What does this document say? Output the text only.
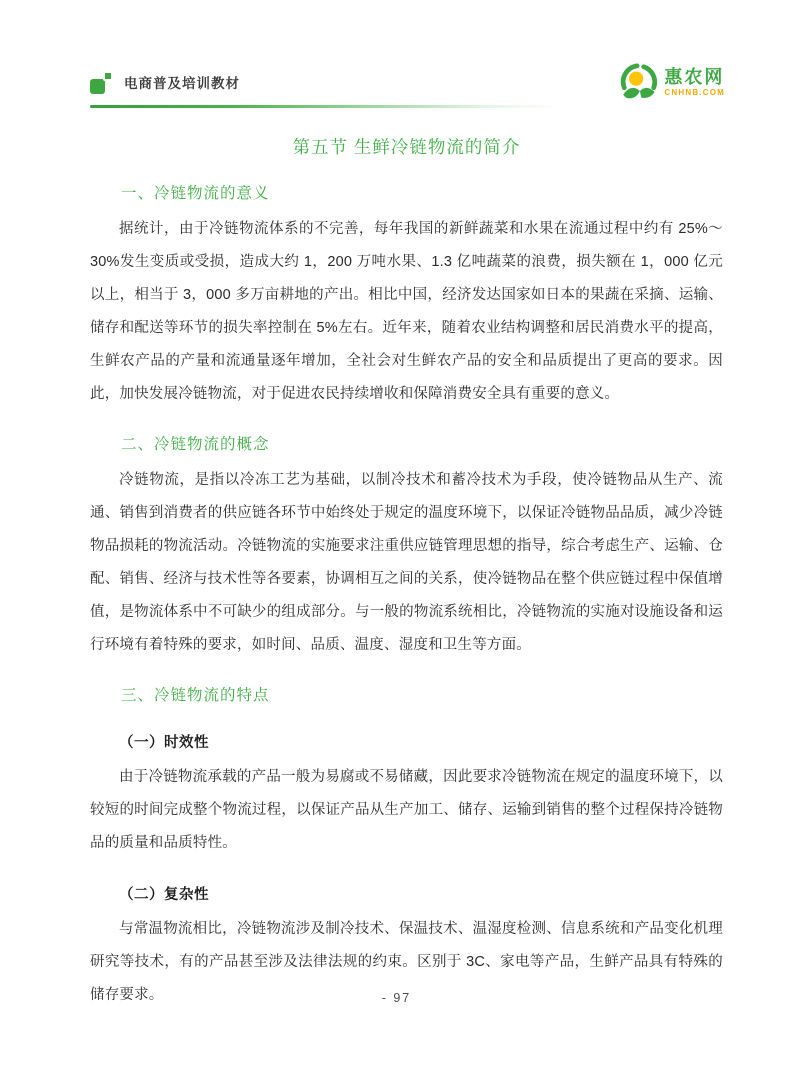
电商普及培训教材	惠农网
CNHNB.COM
第五节 生鲜冷链物流的简介
一、冷链物流的意义

据统计，由于冷链物流体系的不完善，每年我国的新鲜蔬菜和水果在流通过程中约有 25%～30%发生变质或受损，造成大约 1，200 万吨水果、1.3 亿吨蔬菜的浪费，损失额在 1，000 亿元以上，相当于 3，000 多万亩耕地的产出。相比中国，经济发达国家如日本的果蔬在采摘、运输、储存和配送等环节的损失率控制在 5%左右。近年来，随着农业结构调整和居民消费水平的提高，生鲜农产品的产量和流通量逐年增加，全社会对生鲜农产品的安全和品质提出了更高的要求。因此，加快发展冷链物流，对于促进农民持续增收和保障消费安全具有重要的意义。

二、冷链物流的概念

冷链物流，是指以冷冻工艺为基础，以制冷技术和蓄冷技术为手段，使冷链物品从生产、流通、销售到消费者的供应链各环节中始终处于规定的温度环境下，以保证冷链物品品质，减少冷链物品损耗的物流活动。冷链物流的实施要求注重供应链管理思想的指导，综合考虑生产、运输、仓配、销售、经济与技术性等各要素，协调相互之间的关系，使冷链物品在整个供应链过程中保值增值，是物流体系中不可缺少的组成部分。与一般的物流系统相比，冷链物流的实施对设施设备和运行环境有着特殊的要求，如时间、品质、温度、湿度和卫生等方面。

三、冷链物流的特点
（一）时效性

由于冷链物流承载的产品一般为易腐或不易储藏，因此要求冷链物流在规定的温度环境下，以较短的时间完成整个物流过程，以保证产品从生产加工、储存、运输到销售的整个过程保持冷链物品的质量和品质特性。

（二）复杂性

与常温物流相比，冷链物流涉及制冷技术、保温技术、温湿度检测、信息系统和产品变化机理研究等技术，有的产品甚至涉及法律法规的约束。区别于 3C、家电等产品，生鲜产品具有特殊的储存要求。	- 97
